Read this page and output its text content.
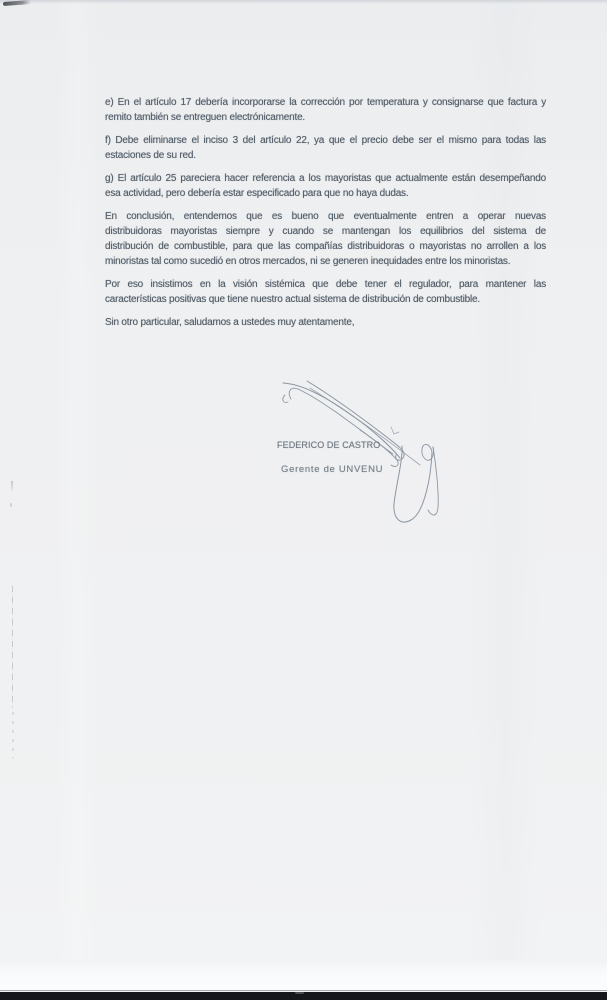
e) En el artículo 17 debería incorporarse la corrección por temperatura y consignarse que factura y
remito también se entreguen electrónicamente.
f) Debe eliminarse el inciso 3 del artículo 22, ya que el precio debe ser el mismo para todas las
estaciones de su red.
g) El artículo 25 pareciera hacer referencia a los mayoristas que actualmente están desempeñando
esa actividad, pero debería estar especificado para que no haya dudas.
En conclusión, entendemos que es bueno que eventualmente entren a operar nuevas
distribuidoras mayoristas siempre y cuando se mantengan los equilibrios del sistema de
distribución de combustible, para que las compañías distribuidoras o mayoristas no arrollen a los
minoristas tal como sucedió en otros mercados, ni se generen inequidades entre los minoristas.
Por eso insistimos en la visión sistémica que debe tener el regulador, para mantener las
características positivas que tiene nuestro actual sistema de distribución de combustible.
Sin otro particular, saludamos a ustedes muy atentamente,
FEDERICO DE CASTRO
Gerente de UNVENU
